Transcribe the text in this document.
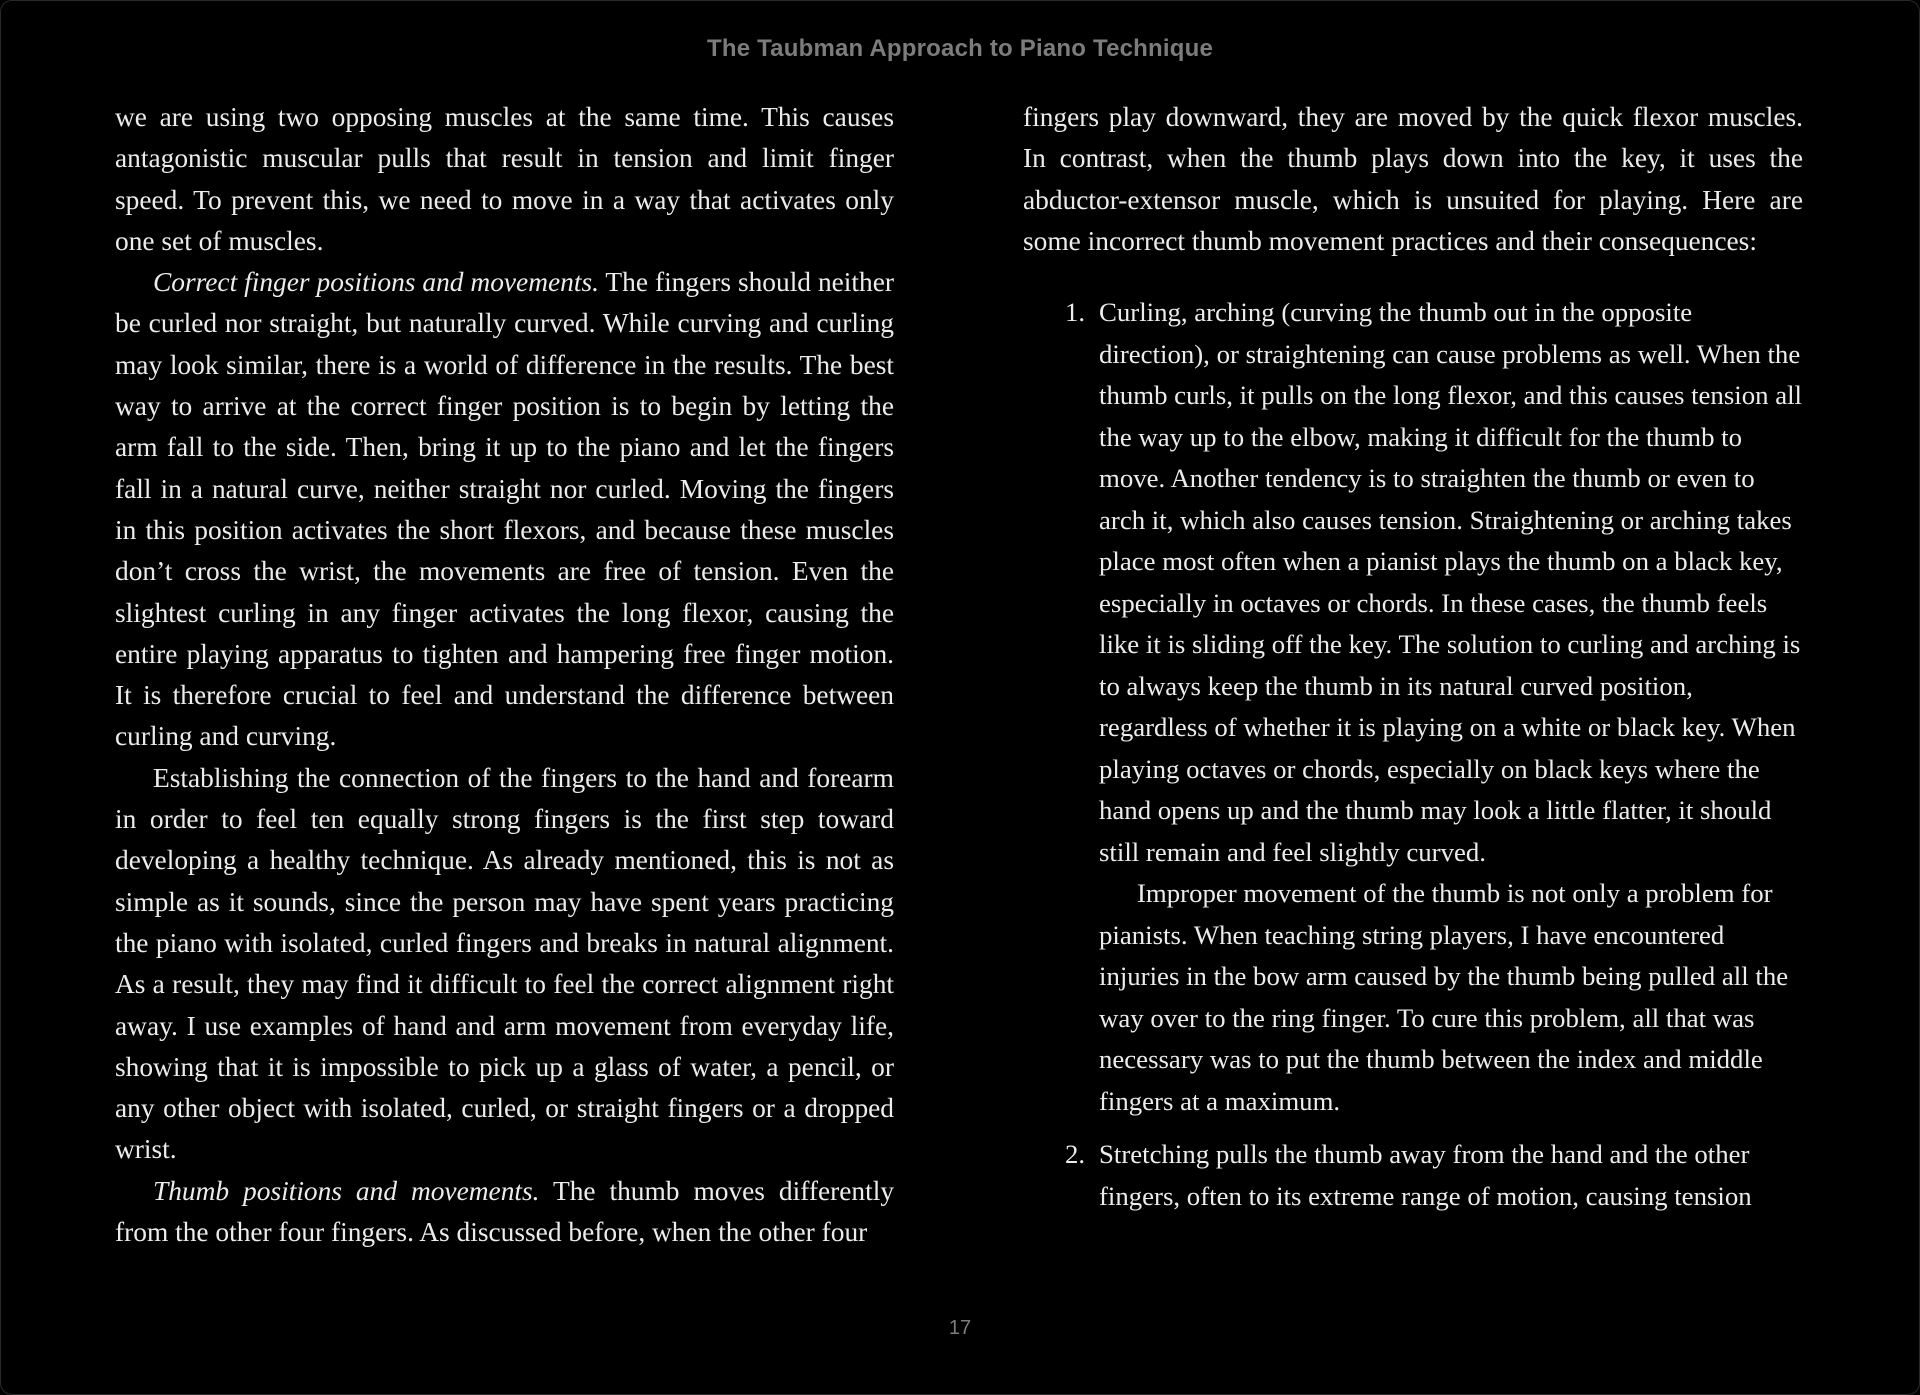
The Taubman Approach to Piano Technique

we are using two opposing muscles at the same time. This causes antagonistic muscular pulls that result in tension and limit finger speed. To prevent this, we need to move in a way that activates only one set of muscles.

Correct finger positions and movements. The fingers should neither be curled nor straight, but naturally curved. While curving and curling may look similar, there is a world of difference in the results. The best way to arrive at the correct finger position is to begin by letting the arm fall to the side. Then, bring it up to the piano and let the fingers fall in a natural curve, neither straight nor curled. Moving the fingers in this position activates the short flexors, and because these muscles don’t cross the wrist, the movements are free of tension. Even the slightest curling in any finger activates the long flexor, causing the entire playing apparatus to tighten and hampering free finger motion. It is therefore crucial to feel and understand the difference between curling and curving.

Establishing the connection of the fingers to the hand and forearm in order to feel ten equally strong fingers is the first step toward developing a healthy technique. As already mentioned, this is not as simple as it sounds, since the person may have spent years practicing the piano with isolated, curled fingers and breaks in natural alignment. As a result, they may find it difficult to feel the correct alignment right away. I use examples of hand and arm movement from everyday life, showing that it is impossible to pick up a glass of water, a pencil, or any other object with isolated, curled, or straight fingers or a dropped wrist.

Thumb positions and movements. The thumb moves differently from the other four fingers. As discussed before, when the other four

fingers play downward, they are moved by the quick flexor muscles. In contrast, when the thumb plays down into the key, it uses the abductor-extensor muscle, which is unsuited for playing. Here are some incorrect thumb movement practices and their consequences:

1. Curling, arching (curving the thumb out in the opposite direction), or straightening can cause problems as well. When the thumb curls, it pulls on the long flexor, and this causes tension all the way up to the elbow, making it difficult for the thumb to move. Another tendency is to straighten the thumb or even to arch it, which also causes tension. Straightening or arching takes place most often when a pianist plays the thumb on a black key, especially in octaves or chords. In these cases, the thumb feels like it is sliding off the key. The solution to curling and arching is to always keep the thumb in its natural curved position, regardless of whether it is playing on a white or black key. When playing octaves or chords, especially on black keys where the hand opens up and the thumb may look a little flatter, it should still remain and feel slightly curved.

Improper movement of the thumb is not only a problem for pianists. When teaching string players, I have encountered injuries in the bow arm caused by the thumb being pulled all the way over to the ring finger. To cure this problem, all that was necessary was to put the thumb between the index and middle fingers at a maximum.

2. Stretching pulls the thumb away from the hand and the other fingers, often to its extreme range of motion, causing tension

17
